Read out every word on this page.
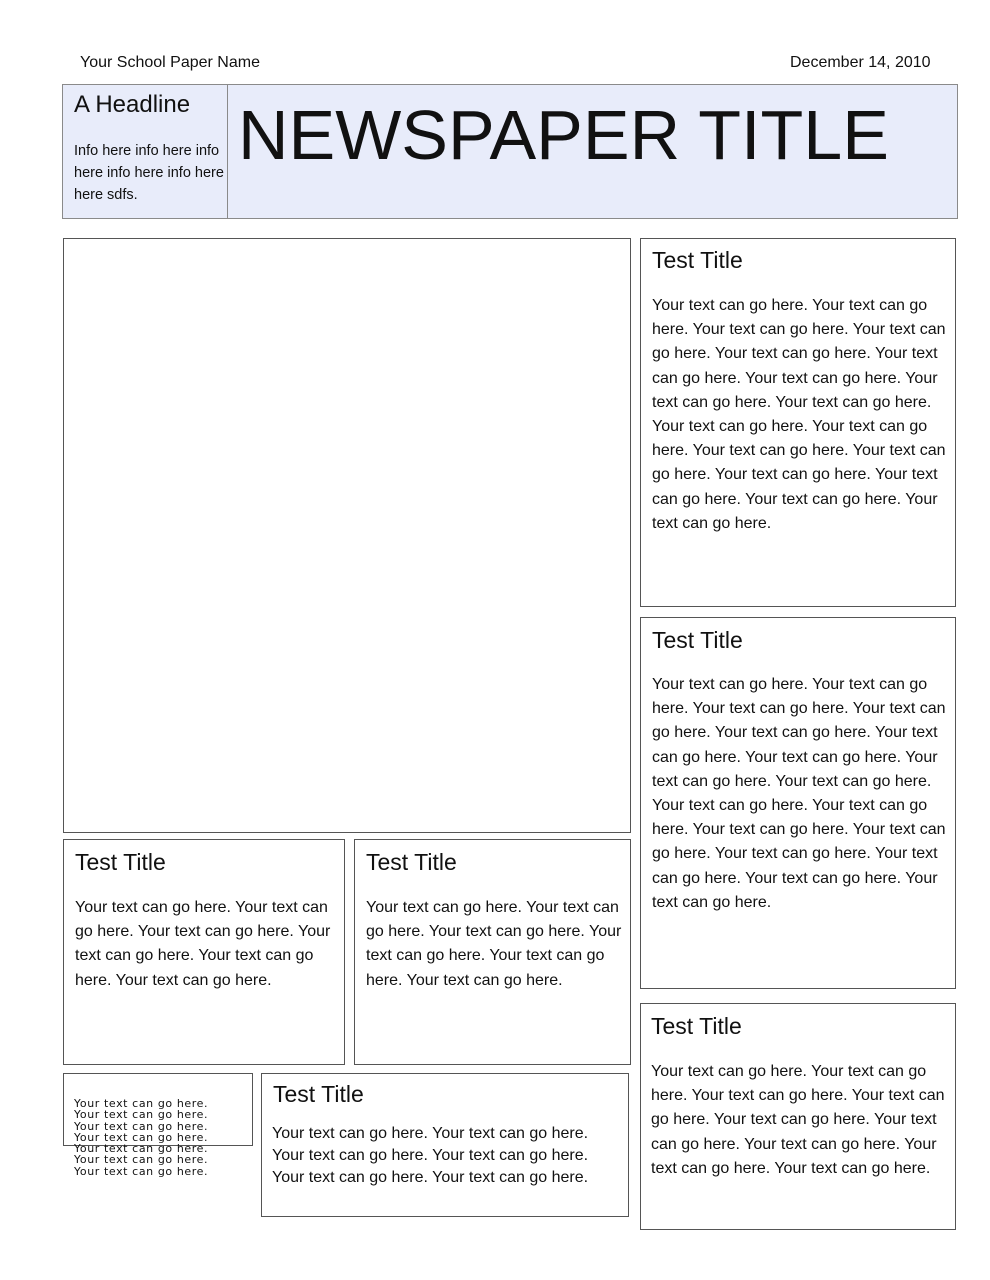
Your School Paper Name	December 14, 2010
A Headline
Info here info here info here info here info here here sdfs.
NEWSPAPER TITLE
Test Title
Your text can go here. Your text can go here. Your text can go here. Your text can go here. Your text can go here. Your text can go here. Your text can go here. Your text can go here. Your text can go here. Your text can go here. Your text can go here. Your text can go here. Your text can go here. Your text can go here. Your text can go here. Your text can go here. Your text can go here.
Test Title
Your text can go here. Your text can go here. Your text can go here. Your text can go here. Your text can go here. Your text can go here. Your text can go here. Your text can go here. Your text can go here. Your text can go here. Your text can go here. Your text can go here. Your text can go here. Your text can go here. Your text can go here. Your text can go here. Your text can go here.
Test Title
Your text can go here. Your text can go here. Your text can go here. Your text can go here. Your text can go here. Your text can go here. Your text can go here. Your text can go here. Your text can go here.
Test Title
Your text can go here. Your text can go here. Your text can go here. Your text can go here. Your text can go here. Your text can go here.
Test Title
Your text can go here. Your text can go here. Your text can go here. Your text can go here. Your text can go here. Your text can go here.
Your text can go here. Your text can go here. Your text can go here. Your text can go here. Your text can go here. Your text can go here. Your text can go here.
Test Title
Your text can go here. Your text can go here. Your text can go here. Your text can go here. Your text can go here. Your text can go here.
